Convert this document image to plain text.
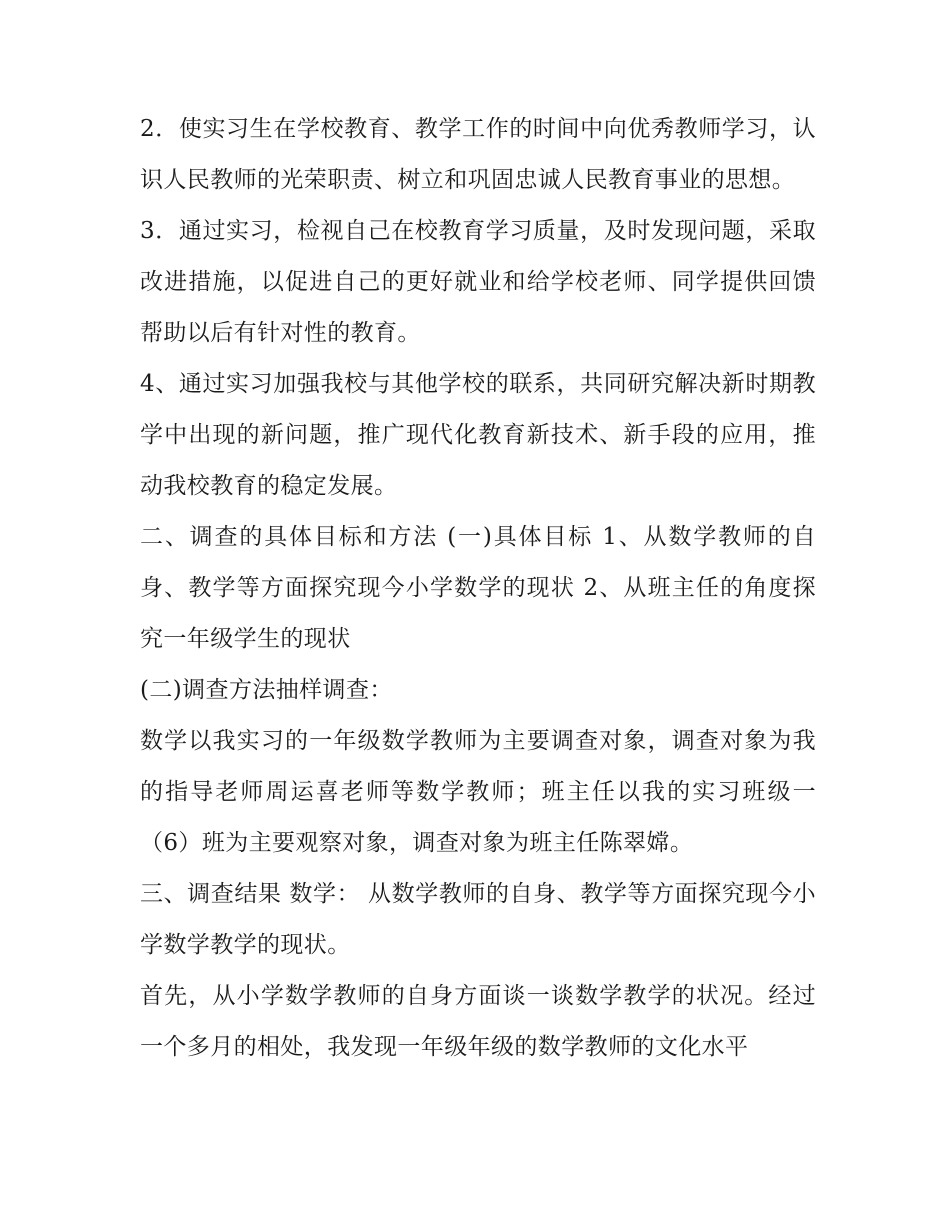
2．使实习生在学校教育、教学工作的时间中向优秀教师学习，认识人民教师的光荣职责、树立和巩固忠诚人民教育事业的思想。

3．通过实习，检视自己在校教育学习质量，及时发现问题，采取改进措施，以促进自己的更好就业和给学校老师、同学提供回馈帮助以后有针对性的教育。

4、通过实习加强我校与其他学校的联系，共同研究解决新时期教学中出现的新问题，推广现代化教育新技术、新手段的应用，推动我校教育的稳定发展。

二、调查的具体目标和方法 (一)具体目标 1、从数学教师的自身、教学等方面探究现今小学数学的现状 2、从班主任的角度探究一年级学生的现状

(二)调查方法抽样调查：

数学以我实习的一年级数学教师为主要调查对象，调查对象为我的指导老师周运喜老师等数学教师；班主任以我的实习班级一（6）班为主要观察对象，调查对象为班主任陈翠嫦。

三、调查结果 数学： 从数学教师的自身、教学等方面探究现今小学数学教学的现状。

首先，从小学数学教师的自身方面谈一谈数学教学的状况。经过一个多月的相处，我发现一年级年级的数学教师的文化水平
